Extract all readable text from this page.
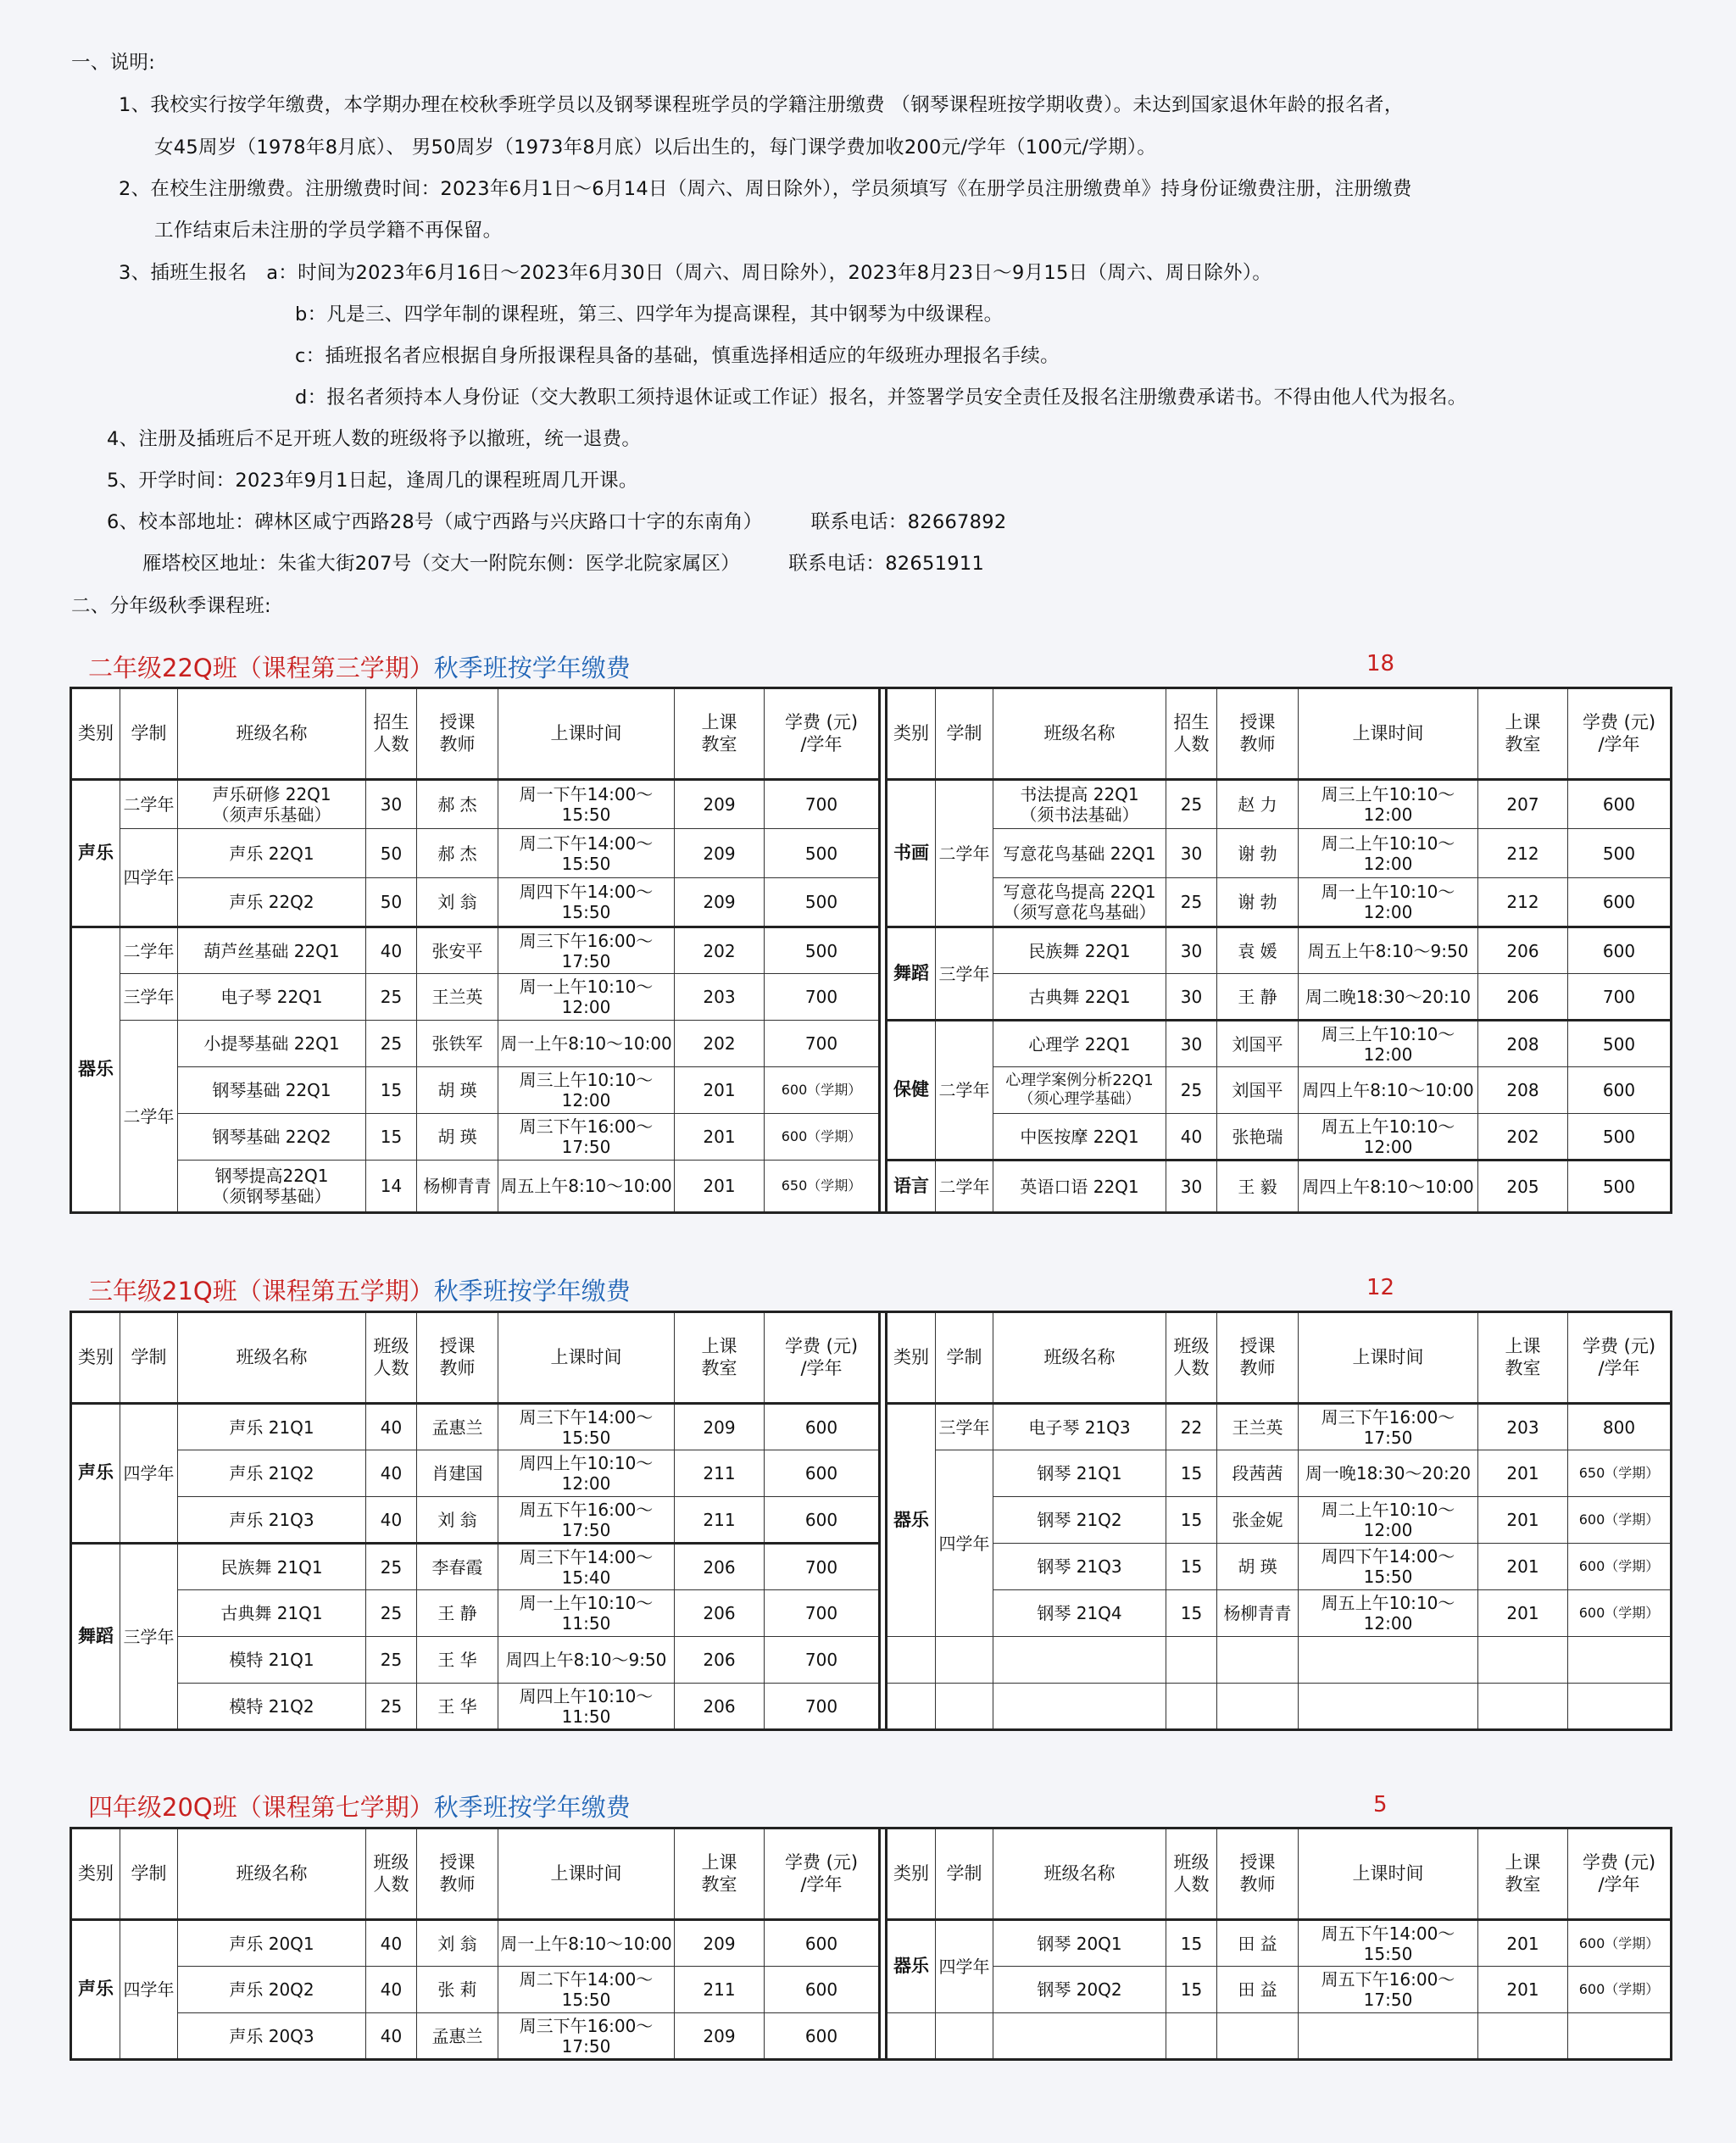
一、说明:
1、我校实行按学年缴费，本学期办理在校秋季班学员以及钢琴课程班学员的学籍注册缴费 （钢琴课程班按学期收费）。未达到国家退休年龄的报名者，
女45周岁（1978年8月底）、 男50周岁（1973年8月底）以后出生的，每门课学费加收200元/学年（100元/学期）。
2、在校生注册缴费。注册缴费时间：2023年6月1日～6月14日（周六、周日除外），学员须填写《在册学员注册缴费单》持身份证缴费注册，注册缴费
工作结束后未注册的学员学籍不再保留。
3、插班生报名　a：时间为2023年6月16日～2023年6月30日（周六、周日除外），2023年8月23日～9月15日（周六、周日除外）。
b：凡是三、四学年制的课程班，第三、四学年为提高课程，其中钢琴为中级课程。
c：插班报名者应根据自身所报课程具备的基础，慎重选择相适应的年级班办理报名手续。
d：报名者须持本人身份证（交大教职工须持退休证或工作证）报名，并签署学员安全责任及报名注册缴费承诺书。不得由他人代为报名。
4、注册及插班后不足开班人数的班级将予以撤班，统一退费。
5、开学时间：2023年9月1日起，逢周几的课程班周几开课。
6、校本部地址：碑林区咸宁西路28号（咸宁西路与兴庆路口十字的东南角）　　　联系电话：82667892
雁塔校区地址：朱雀大街207号（交大一附院东侧：医学北院家属区）　　　联系电话：82651911
二、分年级秋季课程班:
二年级22Q班（课程第三学期）秋季班按学年缴费	18
类别	学制	班级名称	招生
人数	授课
教师	上课时间	上课
教室	学费 (元)
/学年		类别	学制	班级名称	招生
人数	授课
教师	上课时间	上课
教室	学费 (元)
/学年
声乐	二学年	声乐研修 22Q1
（须声乐基础）	30	郝 杰	周一下午14:00～15:50	209	700		书画	二学年	书法提高 22Q1
（须书法基础）	25	赵 力	周三上午10:10～12:00	207	600
	四学年	声乐 22Q1	50	郝 杰	周二下午14:00～15:50	209	500				写意花鸟基础 22Q1	30	谢 勃	周二上午10:10～12:00	212	500
		声乐 22Q2	50	刘 翁	周四下午14:00～15:50	209	500				写意花鸟提高 22Q1
（须写意花鸟基础）	25	谢 勃	周一上午10:10～12:00	212	600
器乐	二学年	葫芦丝基础 22Q1	40	张安平	周三下午16:00～17:50	202	500		舞蹈	三学年	民族舞 22Q1	30	袁 媛	周五上午8:10～9:50	206	600
	三学年	电子琴 22Q1	25	王兰英	周一上午10:10～12:00	203	700				古典舞 22Q1	30	王 静	周二晚18:30～20:10	206	700
	二学年	小提琴基础 22Q1	25	张铁军	周一上午8:10～10:00	202	700		保健	二学年	心理学 22Q1	30	刘国平	周三上午10:10～12:00	208	500
		钢琴基础 22Q1	15	胡 瑛	周三上午10:10～12:00	201	600（学期）				心理学案例分析22Q1
（须心理学基础）	25	刘国平	周四上午8:10～10:00	208	600
		钢琴基础 22Q2	15	胡 瑛	周三下午16:00～17:50	201	600（学期）				中医按摩 22Q1	40	张艳瑞	周五上午10:10～12:00	202	500
		钢琴提高22Q1
（须钢琴基础）	14	杨柳青青	周五上午8:10～10:00	201	650（学期）		语言	二学年	英语口语 22Q1	30	王 毅	周四上午8:10～10:00	205	500
三年级21Q班（课程第五学期）秋季班按学年缴费	12
类别	学制	班级名称	班级
人数	授课
教师	上课时间	上课
教室	学费 (元)
/学年		类别	学制	班级名称	班级
人数	授课
教师	上课时间	上课
教室	学费 (元)
/学年
声乐	四学年	声乐 21Q1	40	孟惠兰	周三下午14:00～15:50	209	600		器乐	三学年	电子琴 21Q3	22	王兰英	周三下午16:00～17:50	203	800
		声乐 21Q2	40	肖建国	周四上午10:10～12:00	211	600			四学年	钢琴 21Q1	15	段茜茜	周一晚18:30～20:20	201	650（学期）
		声乐 21Q3	40	刘 翁	周五下午16:00～17:50	211	600				钢琴 21Q2	15	张金妮	周二上午10:10～12:00	201	600（学期）
舞蹈	三学年	民族舞 21Q1	25	李春霞	周三下午14:00～15:40	206	700				钢琴 21Q3	15	胡 瑛	周四下午14:00～15:50	201	600（学期）
		古典舞 21Q1	25	王 静	周一上午10:10～11:50	206	700				钢琴 21Q4	15	杨柳青青	周五上午10:10～12:00	201	600（学期）
		模特 21Q1	25	王 华	周四上午8:10～9:50	206	700									
		模特 21Q2	25	王 华	周四上午10:10～11:50	206	700									
四年级20Q班（课程第七学期）秋季班按学年缴费	5
类别	学制	班级名称	班级
人数	授课
教师	上课时间	上课
教室	学费 (元)
/学年		类别	学制	班级名称	班级
人数	授课
教师	上课时间	上课
教室	学费 (元)
/学年
声乐	四学年	声乐 20Q1	40	刘 翁	周一上午8:10～10:00	209	600		器乐	四学年	钢琴 20Q1	15	田 益	周五下午14:00～15:50	201	600（学期）
		声乐 20Q2	40	张 莉	周二下午14:00～15:50	211	600				钢琴 20Q2	15	田 益	周五下午16:00～17:50	201	600（学期）
		声乐 20Q3	40	孟惠兰	周三下午16:00～17:50	209	600									
